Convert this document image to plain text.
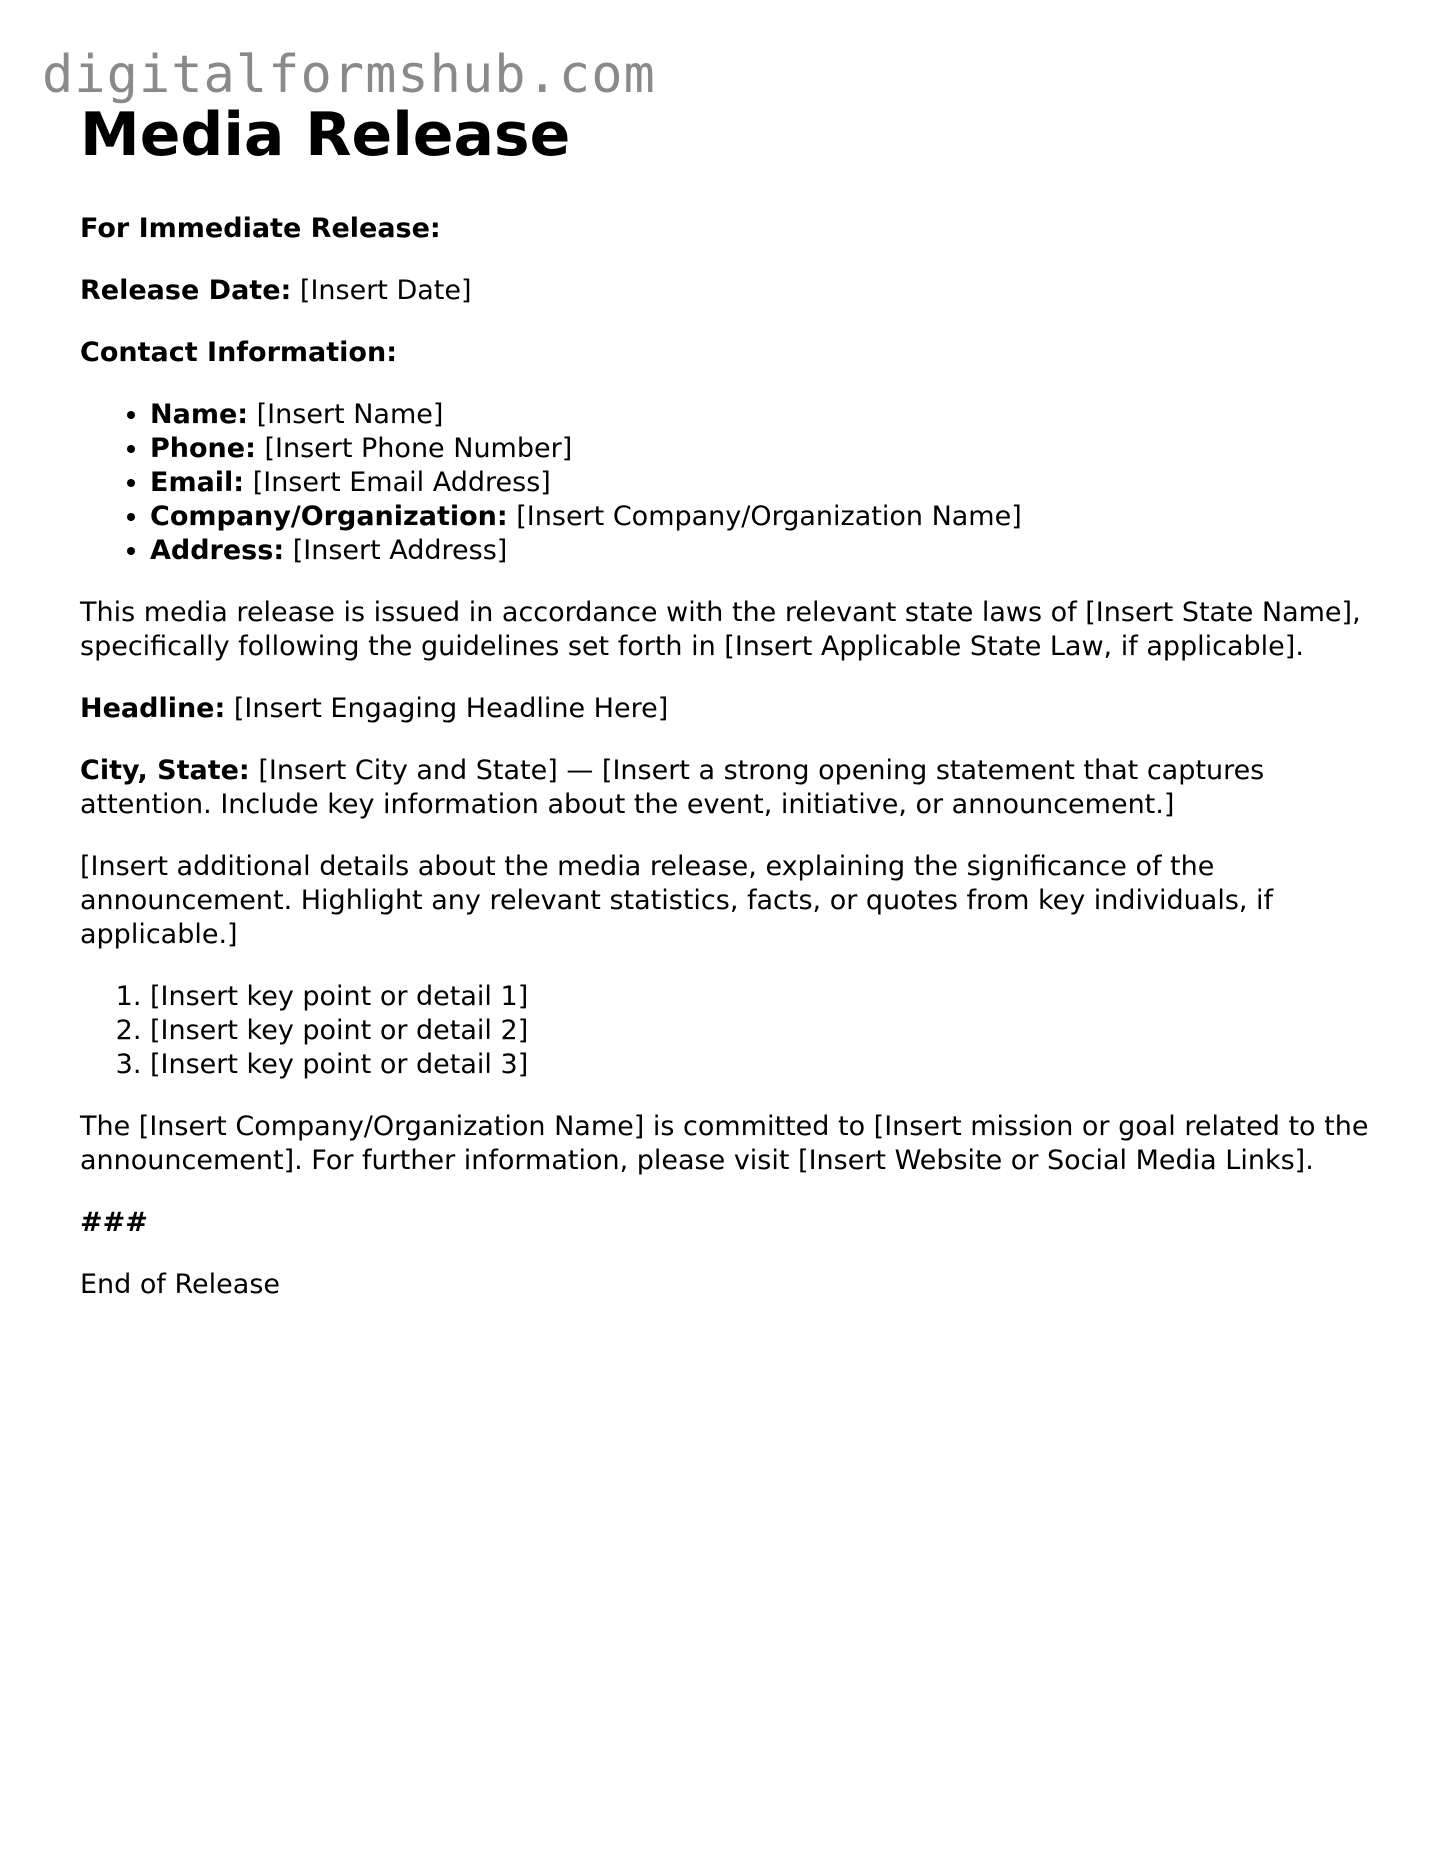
digitalformshub.com
Media Release

For Immediate Release:

Release Date: [Insert Date]

Contact Information:

• Name: [Insert Name]
• Phone: [Insert Phone Number]
• Email: [Insert Email Address]
• Company/Organization: [Insert Company/Organization Name]
• Address: [Insert Address]

This media release is issued in accordance with the relevant state laws of [Insert State Name], specifically following the guidelines set forth in [Insert Applicable State Law, if applicable].

Headline: [Insert Engaging Headline Here]

City, State: [Insert City and State] — [Insert a strong opening statement that captures attention. Include key information about the event, initiative, or announcement.]

[Insert additional details about the media release, explaining the significance of the announcement. Highlight any relevant statistics, facts, or quotes from key individuals, if applicable.]

1. [Insert key point or detail 1]
2. [Insert key point or detail 2]
3. [Insert key point or detail 3]

The [Insert Company/Organization Name] is committed to [Insert mission or goal related to the announcement]. For further information, please visit [Insert Website or Social Media Links].

###

End of Release
